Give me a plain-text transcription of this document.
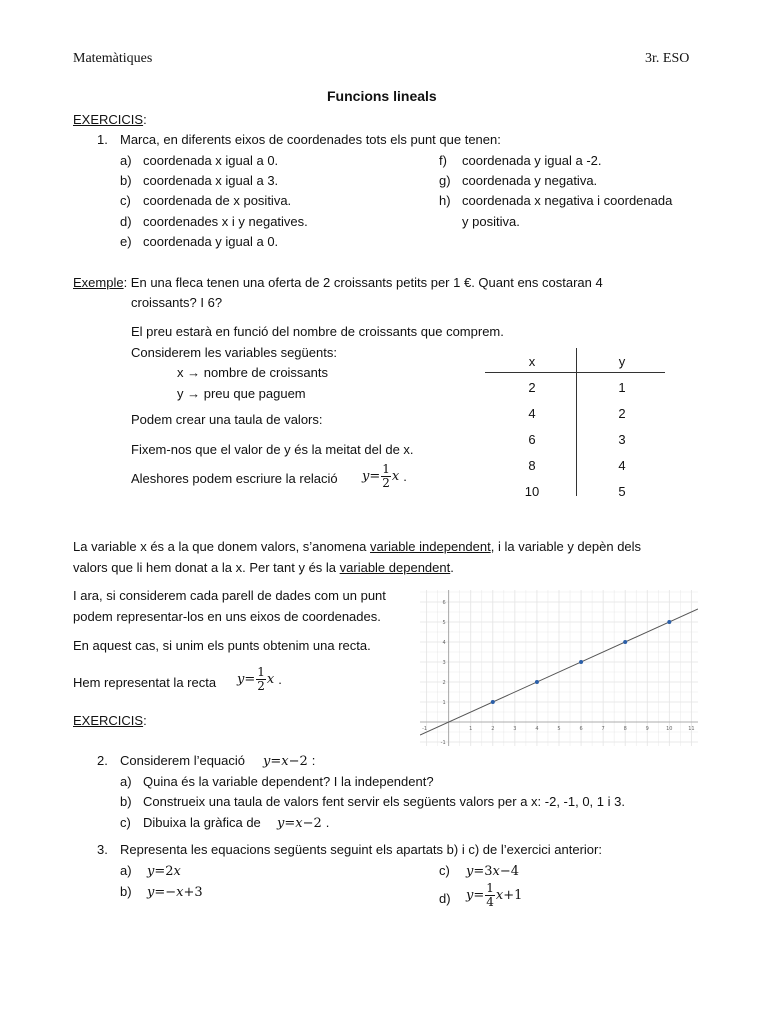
Matemàtiques	3r. ESO
Funcions lineals
EXERCICIS:
1. Marca, en diferents eixos de coordenades tots els punt que tenen:
a) coordenada x igual a 0.
b) coordenada x igual a 3.
c) coordenada de x positiva.
d) coordenades x i y negatives.
e) coordenada y igual a 0.
f) coordenada y igual a -2.
g) coordenada y negativa.
h) coordenada x negativa i coordenada
y positiva.
Exemple: En una fleca tenen una oferta de 2 croissants petits per 1 €. Quant ens costaran 4
croissants? I 6?
El preu estarà en funció del nombre de croissants que comprem.
Considerem les variables següents:
x → nombre de croissants
y → preu que paguem
Podem crear una taula de valors:
Fixem-nos que el valor de y és la meitat del de x.
Aleshores podem escriure la relació $y = \frac{1}{2}$ x .
x	y
2	1
4	2
6	3
8	4
10	5
La variable x és a la que donem valors, s’anomena variable independent, i la variable y depèn dels
valors que li hem donat a la x. Per tant y és la variable dependent.
I ara, si considerem cada parell de dades com un punt
podem representar-los en uns eixos de coordenades.
En aquest cas, si unim els punts obtenim una recta.
Hem representat la recta $y = \frac{1}{2}$ x .
-1	1	2	3	4	5	6	7	8	9	10	11
-1
1
2
3
4
5
6
EXERCICIS:
2. Considerem l’equació y = x −2 :
a) Quina és la variable dependent? I la independent?
b) Construeix una taula de valors fent servir els següents valors per a x: -2, -1, 0, 1 i 3.
c) Dibuixa la gràfica de y = x −2 .
3. Representa les equacions següents seguint els apartats b) i c) de l’exercici anterior:
a) y =2 x
b) y =− x +3
c) y =3 x −4
d) $y = \frac{1}{4}$ x +1
